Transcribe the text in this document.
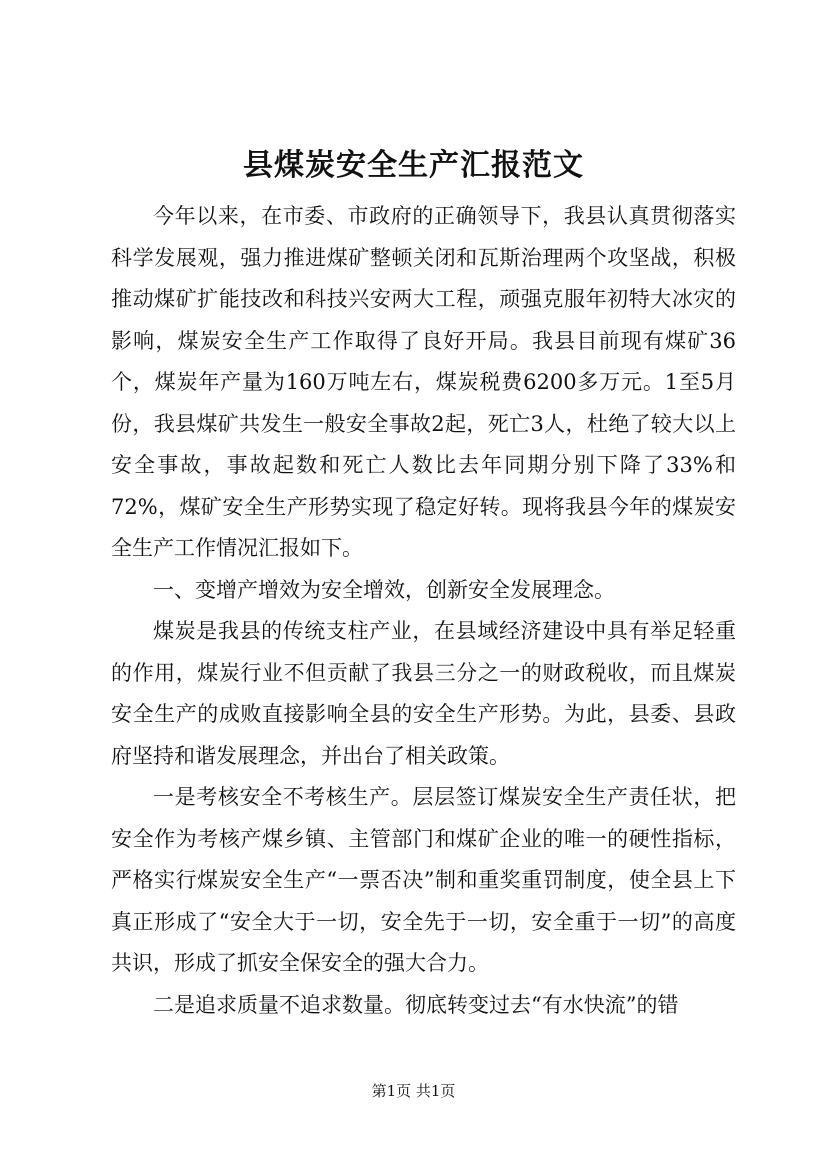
县煤炭安全生产汇报范文

今年以来，在市委、市政府的正确领导下，我县认真贯彻落实科学发展观，强力推进煤矿整顿关闭和瓦斯治理两个攻坚战，积极推动煤矿扩能技改和科技兴安两大工程，顽强克服年初特大冰灾的影响，煤炭安全生产工作取得了良好开局。我县目前现有煤矿36个，煤炭年产量为160万吨左右，煤炭税费6200多万元。1至5月份，我县煤矿共发生一般安全事故2起，死亡3人，杜绝了较大以上安全事故，事故起数和死亡人数比去年同期分别下降了33%和72%，煤矿安全生产形势实现了稳定好转。现将我县今年的煤炭安全生产工作情况汇报如下。

一、变增产增效为安全增效，创新安全发展理念。

煤炭是我县的传统支柱产业，在县域经济建设中具有举足轻重的作用，煤炭行业不但贡献了我县三分之一的财政税收，而且煤炭安全生产的成败直接影响全县的安全生产形势。为此，县委、县政府坚持和谐发展理念，并出台了相关政策。

一是考核安全不考核生产。层层签订煤炭安全生产责任状，把安全作为考核产煤乡镇、主管部门和煤矿企业的唯一的硬性指标，严格实行煤炭安全生产“一票否决”制和重奖重罚制度，使全县上下真正形成了“安全大于一切，安全先于一切，安全重于一切”的高度共识，形成了抓安全保安全的强大合力。

二是追求质量不追求数量。彻底转变过去“有水快流”的错

第1页 共1页
